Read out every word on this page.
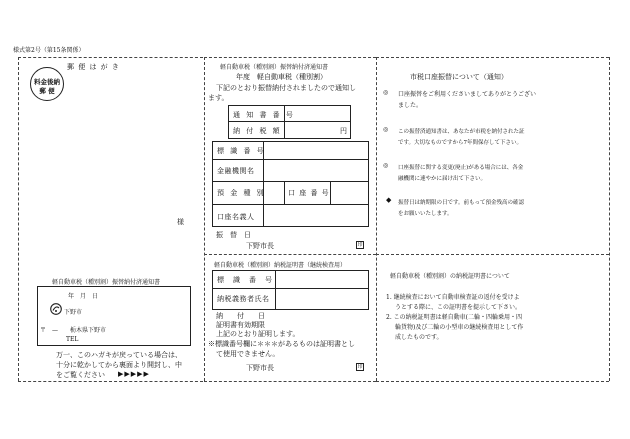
様式第2号（第15条関係）
郵 便 は が き
料金後納
郵 便
様
軽自動車税（種別割）振替納付済通知書
年　月　日
下野市
〒　—　　栃木県下野市
TEL
万一、このハガキが戻っている場合は、
十分に乾かしてから裏面より開封し、中
をご覧ください ▶▶▶▶▶
軽自動車税（種別割）振替納付済通知書
年度　軽自動車税（種別割）
下記のとおり振替納付されましたので通知し
ます。
通 知 書 番 号
納 付 税 額	円
標 識 番 号
金融機関名
預 金 種 別	口 座 番 号
口座名義人
振　替　日
下野市長	印
軽自動車税（種別割）納税証明書（継続検査用）
標　識　番　号
納税義務者氏名
納　　付　　日
証明書有効期限
上記のとおり証明します。
※標識番号欄に＊＊＊があるものは証明書とし
て使用できません。
下野市長	印
市税口座振替について（通知）
◎ 口座振替をご利用くださいましてありがとうござい
ました。
◎ この振替済通知書は、あなたが市税を納付された証
です。大切なものですから7年間保存して下さい。
◎ 口座振替に関する変更(廃止)がある場合には、各金
融機関に速やかに届け出て下さい。
◆ 振替日は納期限の日です。前もって預金残高の確認
をお願いいたします。
軽自動車税（種別割）の納税証明書について
1. 継続検査において自動車検査証の返付を受けよ
うとする際に、この証明書を提示して下さい。
2. この納税証明書は軽自動車(二輪・四輪乗用・四
輪貨物)及び二輪の小型車の継続検査用として作
成したものです。
